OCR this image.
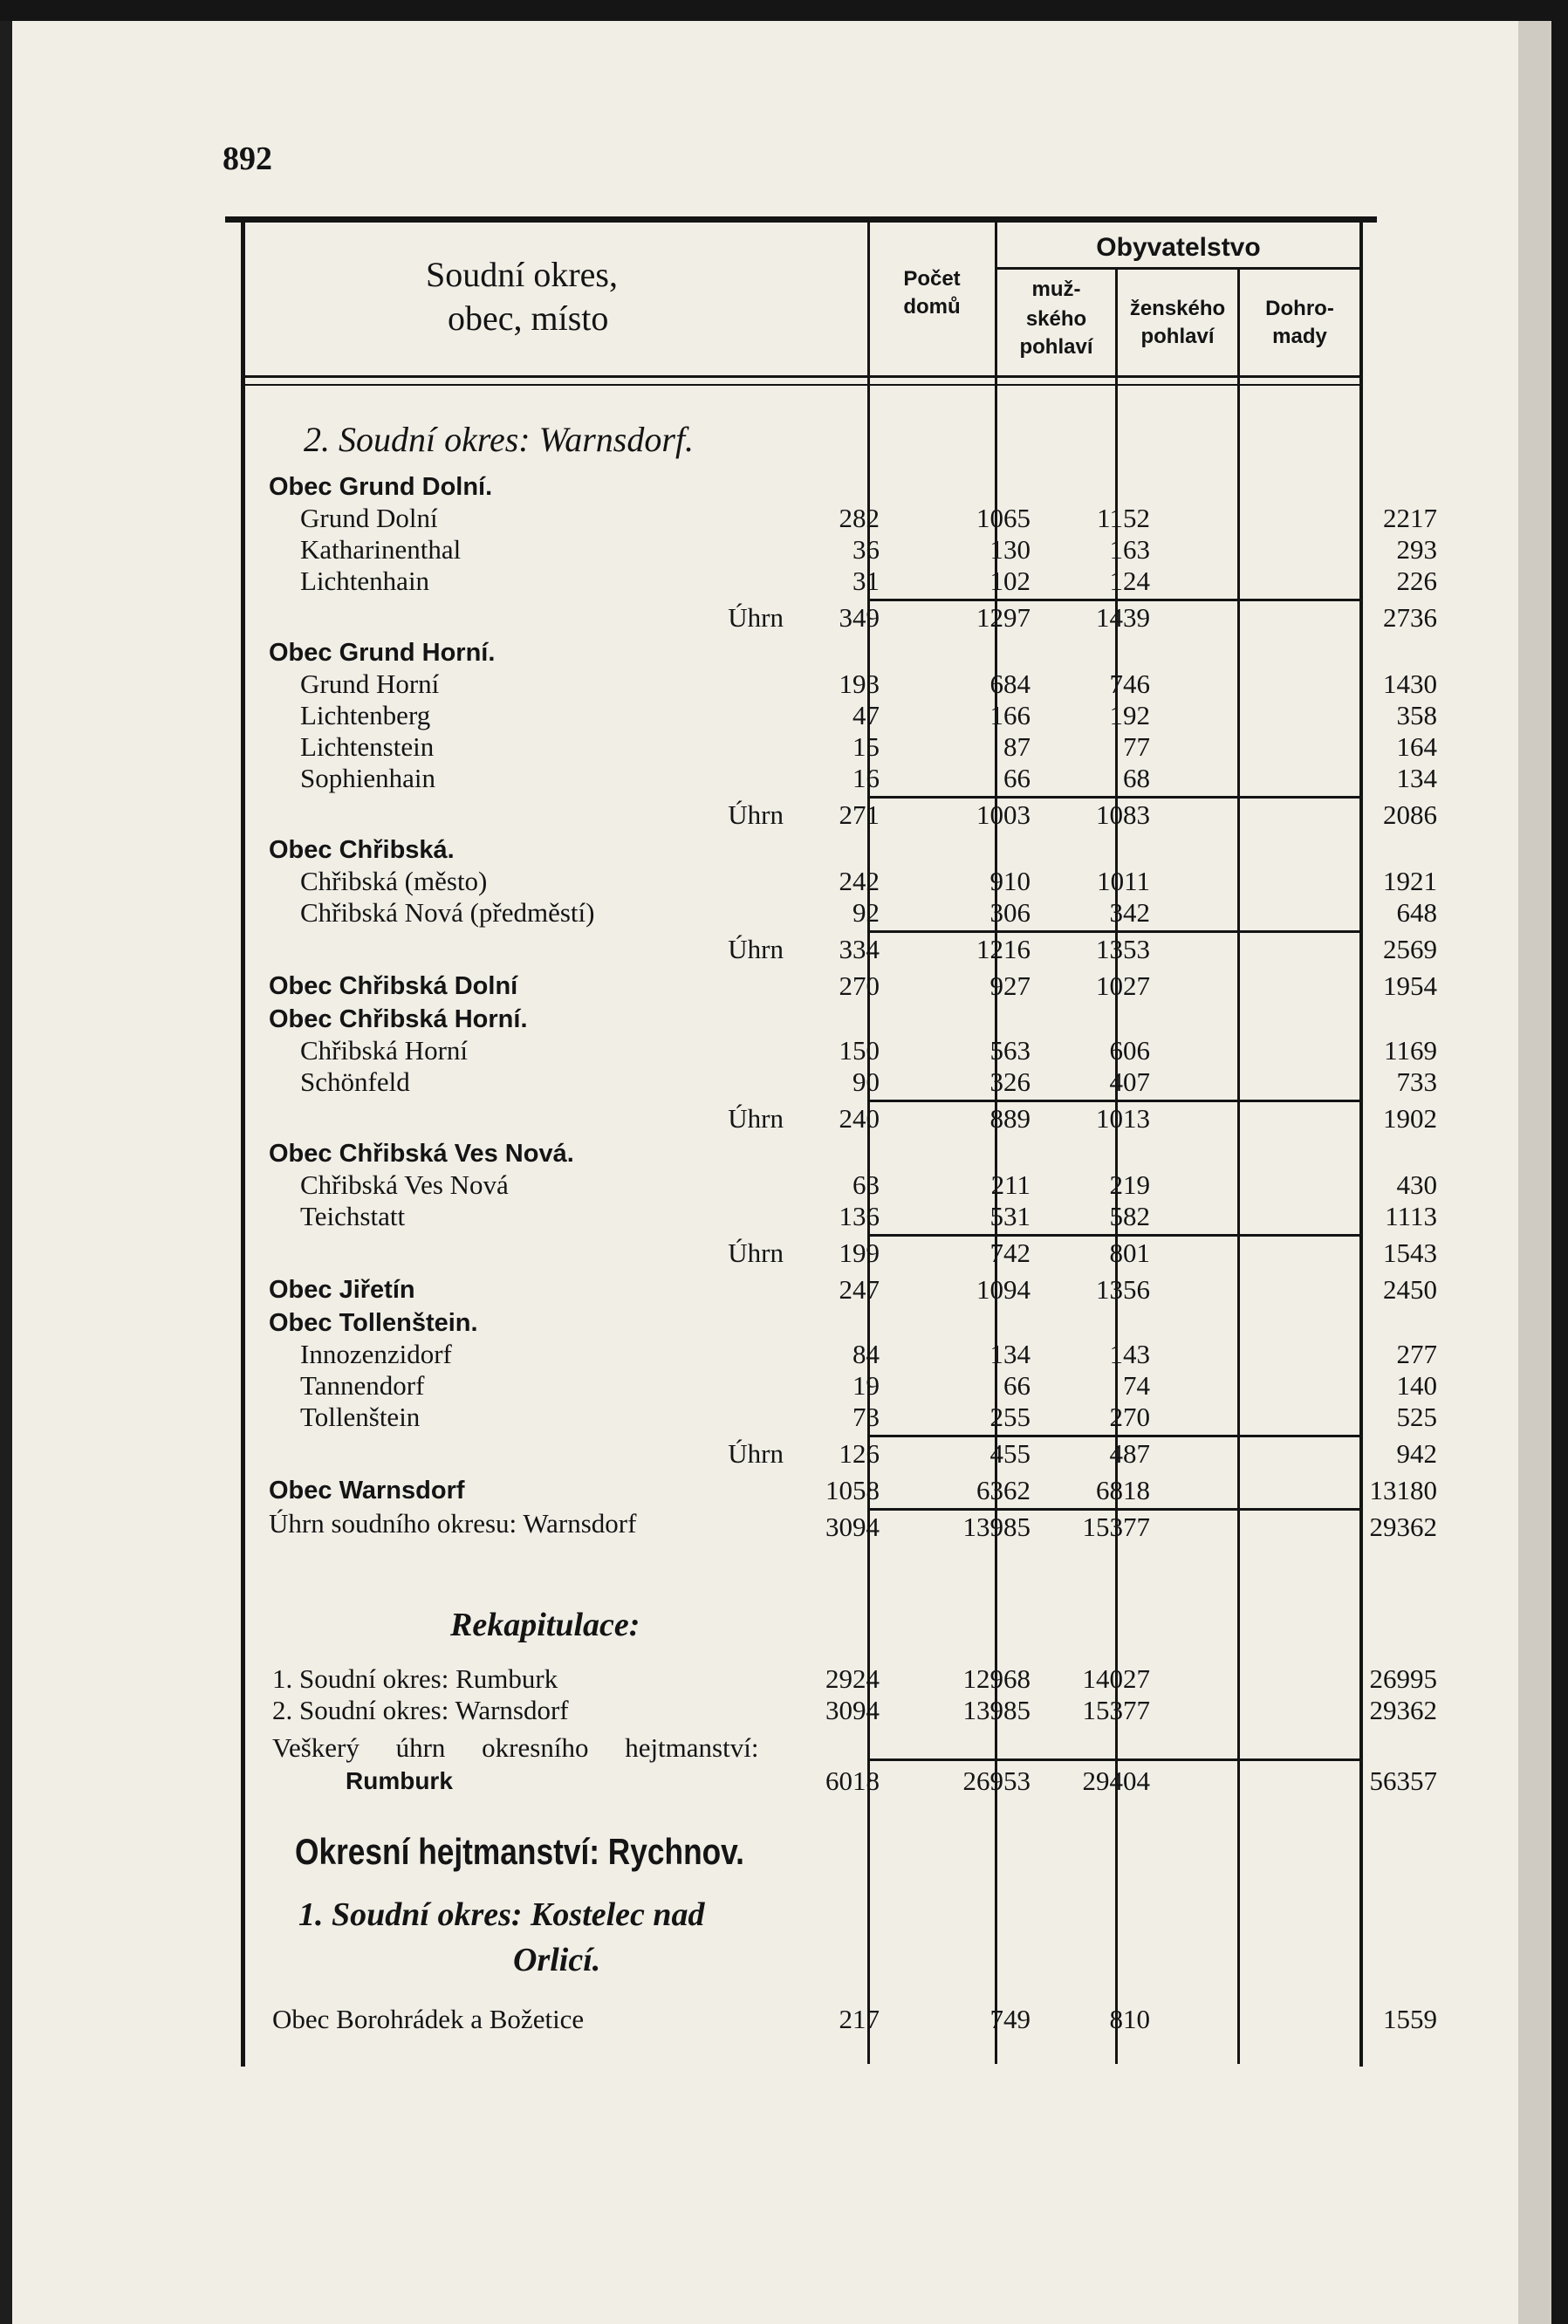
892
Soudní okres,
obec, místo
Počet
domů
Obyvatelstvo
muž-
ského
pohlaví
ženského
pohlaví
Dohro-
mady
2. Soudní okres: Warnsdorf.
Obec Grund Dolní.
Grund Dolní	282	1065	1152	2217
Katharinenthal	36	130	163	293
Lichtenhain	31	102	124	226
Úhrn	349	1297	1439	2736
Obec Grund Horní.
Grund Horní	193	684	746	1430
Lichtenberg	47	166	192	358
Lichtenstein	15	87	77	164
Sophienhain	16	66	68	134
Úhrn	271	1003	1083	2086
Obec Chřibská.
Chřibská (město)	242	910	1011	1921
Chřibská Nová (předměstí)	92	306	342	648
Úhrn	334	1216	1353	2569
Obec Chřibská Dolní	270	927	1027	1954
Obec Chřibská Horní.
Chřibská Horní	150	563	606	1169
Schönfeld	90	326	407	733
Úhrn	240	889	1013	1902
Obec Chřibská Ves Nová.
Chřibská Ves Nová	63	211	219	430
Teichstatt	136	531	582	1113
Úhrn	199	742	801	1543
Obec Jiřetín	247	1094	1356	2450
Obec Tollenštein.
Innozenzidorf	84	134	143	277
Tannendorf	19	66	74	140
Tollenštein	73	255	270	525
Úhrn	126	455	487	942
Obec Warnsdorf	1058	6362	6818	13180
Úhrn soudního okresu: Warnsdorf	3094	13985	15377	29362
Rekapitulace:
1. Soudní okres: Rumburk	2924	12968	14027	26995
2. Soudní okres: Warnsdorf	3094	13985	15377	29362
Veškerý úhrn okresního hejtmanství:
Rumburk	6018	26953	29404	56357
Okresní hejtmanství: Rychnov.
1. Soudní okres: Kostelec nad
Orlicí.
Obec Borohrádek a Božetice	217	749	810	1559
